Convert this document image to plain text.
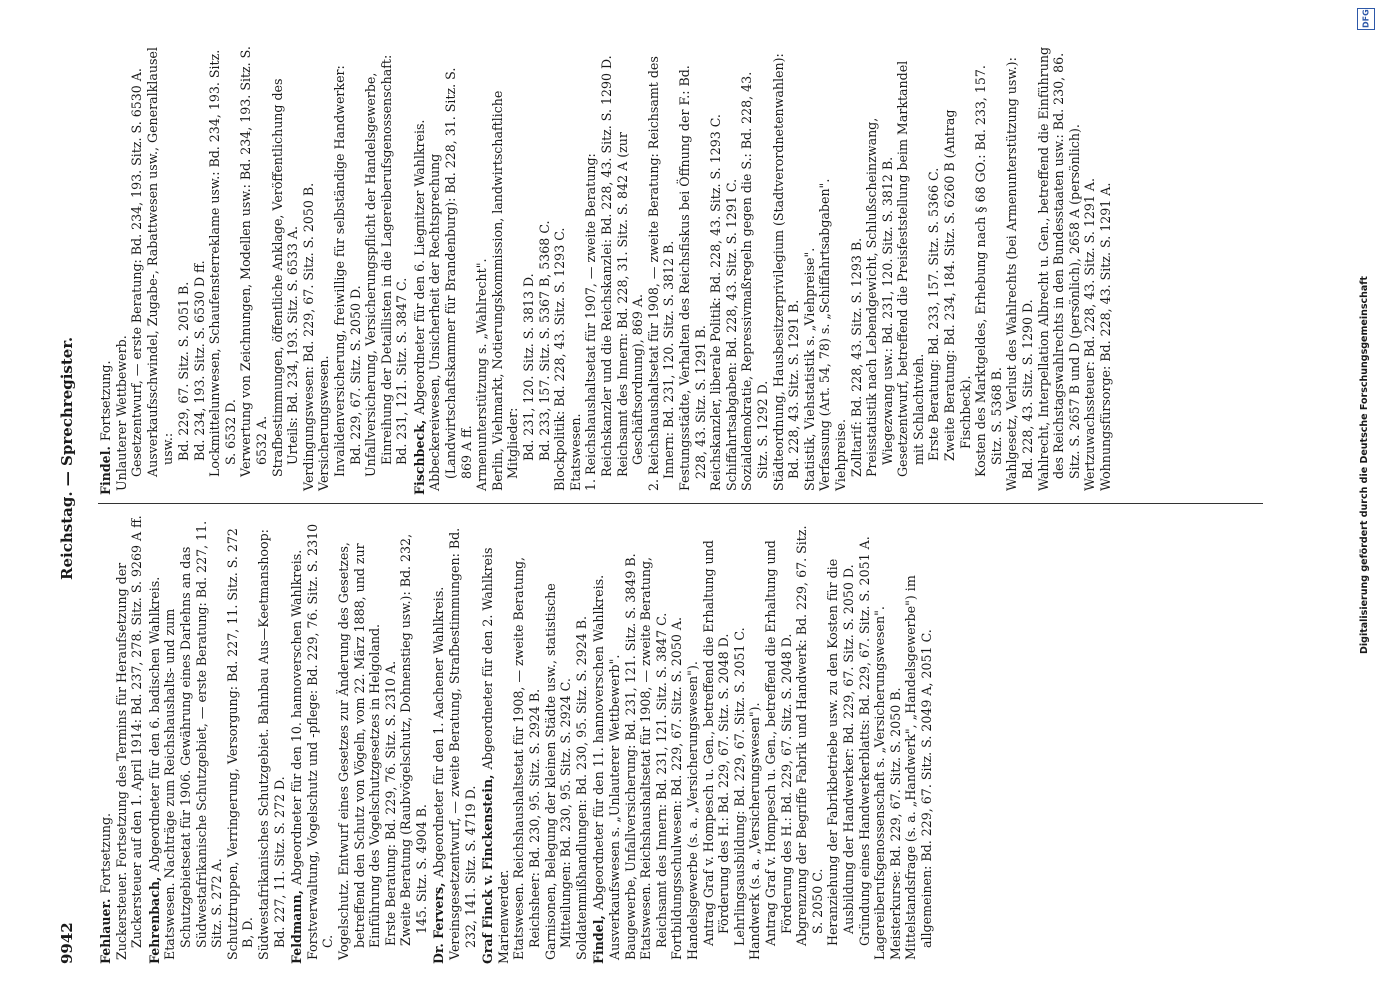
9942
Reichstag. — Sprechregister.
Fehlauer.Fortsetzung. Zuckersteuer. Fortsetzung des Termins für Heraufsetzung der Zuckersteuer auf den 1. April 1914: Bd. 237, 278. Sitz. S. 9269 A ff. Fehrenbach,Abgeordneter für den 6. badischen Wahlkreis. Etatswesen. Nachträge zum Reichshaushalts- und zum Schutzgebietsetat für 1906. Gewährung eines Darlehns an das Südwestafrikanische Schutzgebiet, — erste Beratung: Bd. 227, 11. Sitz. S. 272 A. Schutztruppen, Verringerung, Versorgung: Bd. 227, 11. Sitz. S. 272 B, D. Südwestafrikanisches Schutzgebiet. Bahnbau Aus—Keetmanshoop: Bd. 227, 11. Sitz. S. 272 D. Feldmann,Abgeordneter für den 10. hannoverschen Wahlkreis. Forstverwaltung, Vogelschutz und -pflege: Bd. 229, 76. Sitz. S. 2310 C. Vogelschutz. Entwurf eines Gesetzes zur Änderung des Gesetzes, betreffend den Schutz von Vögeln, vom 22. März 1888, und zur Einführung des Vogelschutzgesetzes in Helgoland. Erste Beratung: Bd. 229, 76. Sitz. S. 2310 A. Zweite Beratung (Raubvögelschutz, Dohnenstieg usw.): Bd. 232, 145. Sitz. S. 4904 B. Dr. Fervers,Abgeordneter für den 1. Aachener Wahlkreis. Vereinsgesetzentwurf, — zweite Beratung, Strafbestimmungen: Bd. 232, 141. Sitz. S. 4719 D. Graf Finck v. Finckenstein,Abgeordneter für den 2. Wahlkreis Marienwerder. Etatswesen. Reichshaushaltsetat für 1908, — zweite Beratung, Reichsheer: Bd. 230, 95. Sitz. S. 2924 B. Garnisonen, Belegung der kleinen Städte usw., statistische Mitteilungen: Bd. 230, 95. Sitz. S. 2924 C. Soldatenmißhandlungen: Bd. 230, 95. Sitz. S. 2924 B. Findel,Abgeordneter für den 11. hannoverschen Wahlkreis. Ausverkaufswesen s. „Unlauterer Wettbewerb". Baugewerbe, Unfallversicherung: Bd. 231, 121. Sitz. S. 3849 B. Etatswesen. Reichshaushaltsetat für 1908, — zweite Beratung, Reichsamt des Innern: Bd. 231, 121. Sitz. S. 3847 C. Fortbildungsschulwesen: Bd. 229, 67. Sitz. S. 2050 A. Handelsgewerbe (s. a. „Versicherungswesen"). Antrag Graf v. Hompesch u. Gen., betreffend die Erhaltung und Förderung des H.: Bd. 229, 67. Sitz. S. 2048 D. Lehrlingsausbildung: Bd. 229, 67. Sitz. S. 2051 C. Handwerk (s. a. „Versicherungswesen"). Antrag Graf v. Hompesch u. Gen., betreffend die Erhaltung und Förderung des H.: Bd. 229, 67. Sitz. S. 2048 D. Abgrenzung der Begriffe Fabrik und Handwerk: Bd. 229, 67. Sitz. S. 2050 C. Heranziehung der Fabrikbetriebe usw. zu den Kosten für die Ausbildung der Handwerker: Bd. 229, 67. Sitz. S. 2050 D. Gründung eines Handwerkerblatts: Bd. 229, 67. Sitz. S. 2051 A. Lagereiberufsgenossenschaft s. „Versicherungswesen". Meisterkurse: Bd. 229, 67. Sitz. S. 2050 B. Mittelstandsfrage (s. a. „Handwerk", „Handelsgewerbe") im allgemeinen: Bd. 229, 67. Sitz. S. 2049 A, 2051 C.
Findel.Fortsetzung. Unlauterer Wettbewerb. Gesetzentwurf, — erste Beratung: Bd. 234, 193. Sitz. S. 6530 A. Ausverkaufsschwindel, Zugabe-, Rabattwesen usw., Generalklausel usw.: Bd. 229, 67. Sitz. S. 2051 B. Bd. 234, 193. Sitz. S. 6530 D ff. Lockmittelunwesen, Schaufensterreklame usw.: Bd. 234, 193. Sitz. S. 6532 D. Verwertung von Zeichnungen, Modellen usw.: Bd. 234, 193. Sitz. S. 6532 A. Strafbestimmungen, öffentliche Anklage, Veröffentlichung des Urteils: Bd. 234, 193. Sitz. S. 6533 A. Verdingungswesen: Bd. 229, 67. Sitz. S. 2050 B. Versicherungswesen. Invalidenversicherung, freiwillige für selbständige Handwerker: Bd. 229, 67. Sitz. S. 2050 D. Unfallversicherung, Versicherungspflicht der Handelsgewerbe, Einreihung der Detaillisten in die Lagereiberufsgenossenschaft: Bd. 231, 121. Sitz. S. 3847 C. Fischbeck,Abgeordneter für den 6. Liegnitzer Wahlkreis. Abbeckereiwesen, Unsicherheit der Rechtsprechung (Landwirtschaftskammer für Brandenburg): Bd. 228, 31. Sitz. S. 869 A ff. Armenunterstützung s. „Wahlrecht". Berlin, Viehmarkt, Notierungskommission, landwirtschaftliche Mitglieder: Bd. 231, 120. Sitz. S. 3813 D. Bd. 233, 157. Sitz. S. 5367 B, 5368 C. Blockpolitik: Bd. 228, 43. Sitz. S. 1293 C. Etatswesen. 1. Reichshaushaltsetat für 1907, — zweite Beratung: Reichskanzler und die Reichskanzlei: Bd. 228, 43. Sitz. S. 1290 D. Reichsamt des Innern: Bd. 228, 31. Sitz. S. 842 A (zur Geschäftsordnung), 869 A. 2. Reichshaushaltsetat für 1908, — zweite Beratung: Reichsamt des Innern: Bd. 231, 120. Sitz. S. 3812 B. Festungsstädte, Verhalten des Reichsfiskus bei Öffnung der F.: Bd. 228, 43. Sitz. S. 1291 B. Reichskanzler, liberale Politik: Bd. 228, 43. Sitz. S. 1293 C. Schiffahrtsabgaben: Bd. 228, 43. Sitz. S. 1291 C. Sozialdemokratie, Repressivmaßregeln gegen die S.: Bd. 228, 43. Sitz. S. 1292 D. Städteordnung, Hausbesitzerprivilegium (Stadtverordnetenwahlen): Bd. 228, 43. Sitz. S. 1291 B. Statistik, Viehstatistik s. „Viehpreise". Verfassung (Art. 54, 78) s. „Schiffahrtsabgaben". Viehpreise. Zolltarif: Bd. 228, 43. Sitz. S. 1293 B. Preisstatistik nach Lebendgewicht, Schlußscheinzwang, Wiegezwang usw.: Bd. 231, 120. Sitz. S. 3812 B. Gesetzentwurf, betreffend die Preisfeststellung beim Marktandel mit Schlachtvieh. Erste Beratung: Bd. 233, 157. Sitz. S. 5366 C. Zweite Beratung: Bd. 234, 184. Sitz. S. 6260 B (Antrag Fischbeck). Kosten des Marktgeldes, Erhebung nach § 68 GO.: Bd. 233, 157. Sitz. S. 5368 B. Wahlgesetz, Verlust des Wahlrechts (bei Armenunterstützung usw.): Bd. 228, 43. Sitz. S. 1290 D. Wahlrecht, Interpellation Albrecht u. Gen., betreffend die Einführung des Reichstagswahlrechts in den Bundesstaaten usw.: Bd. 230, 86. Sitz. S. 2657 B und D (persönlich), 2658 A (persönlich). Wertzuwachssteuer: Bd. 228, 43. Sitz. S. 1291 A. Wohnungsfürsorge: Bd. 228, 43. Sitz. S. 1291 A.
DFG
Digitalisierung gefördert durch die Deutsche Forschungsgemeinschaft
